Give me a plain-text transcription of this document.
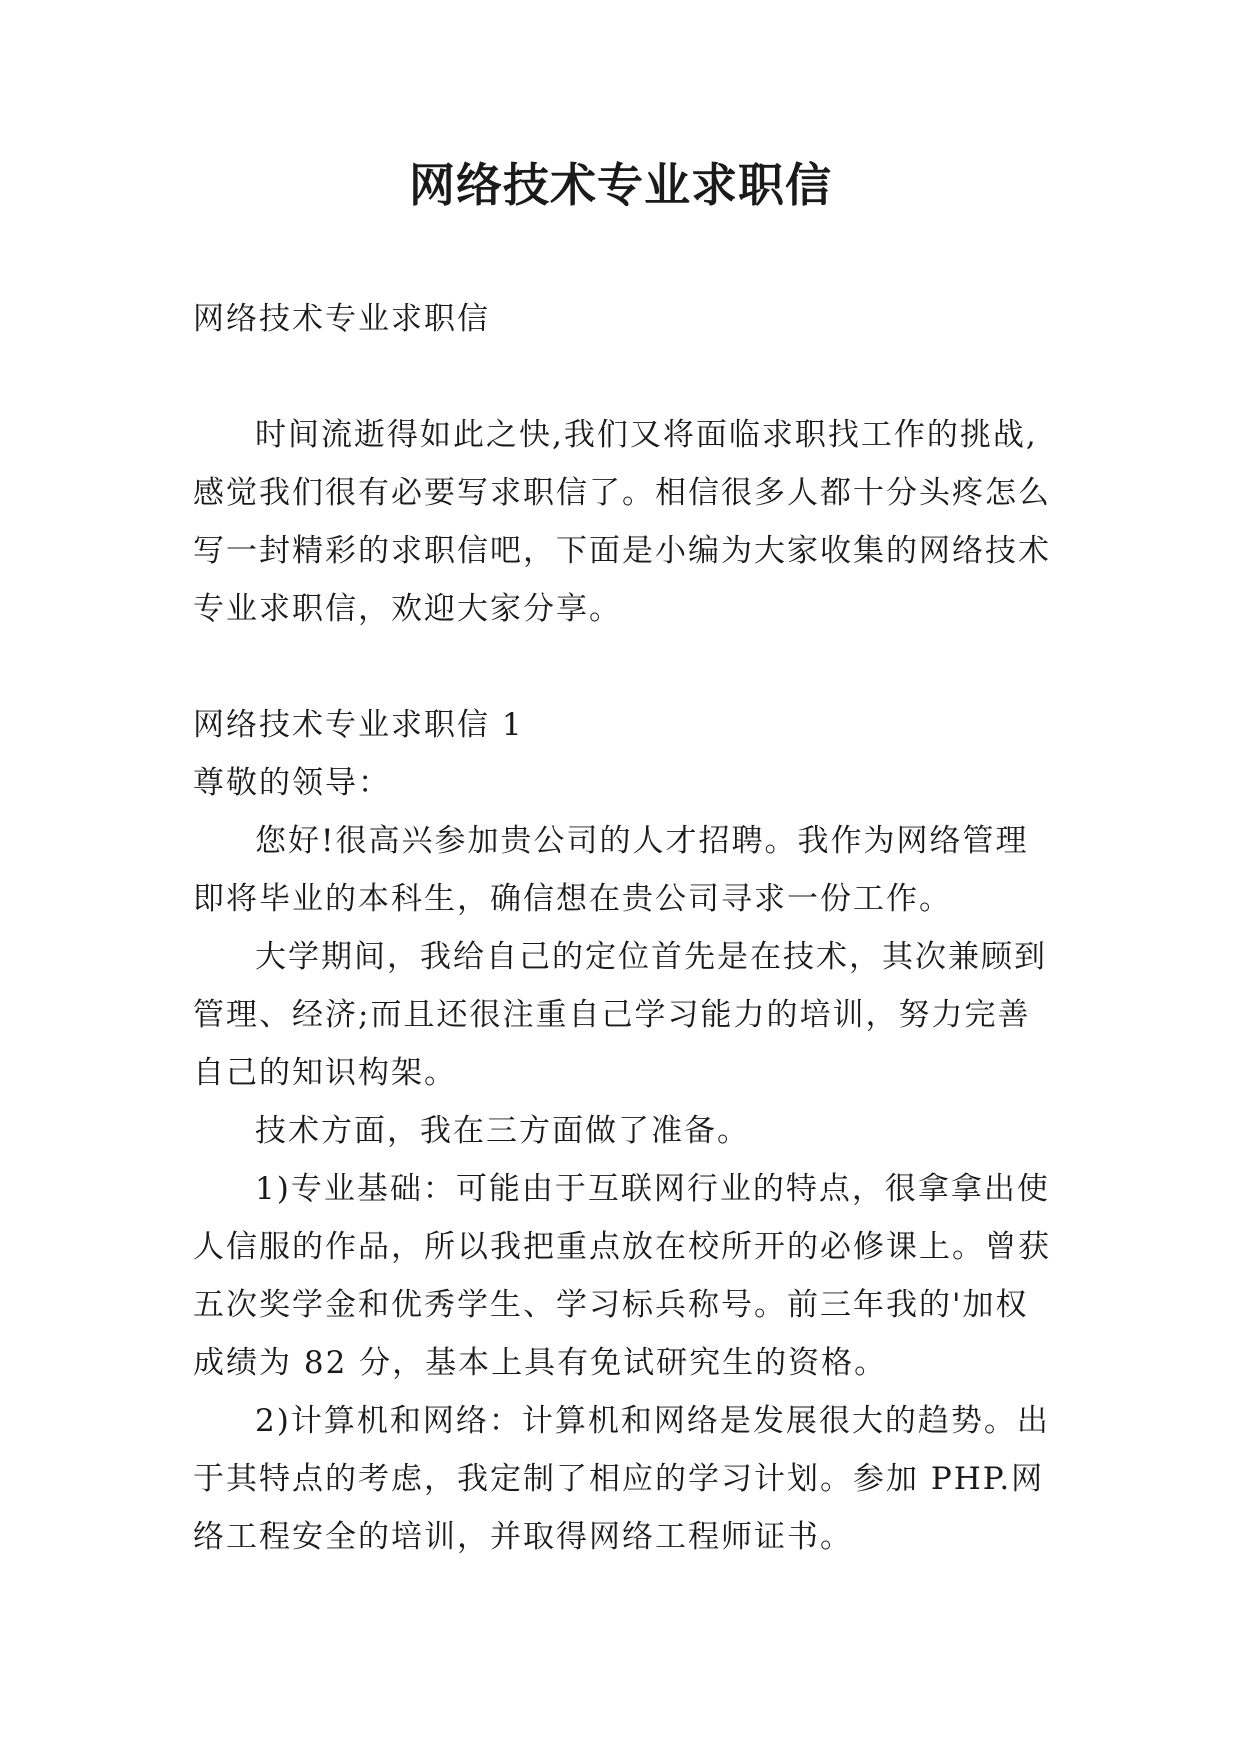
网络技术专业求职信

网络技术专业求职信

时间流逝得如此之快,我们又将面临求职找工作的挑战,感觉我们很有必要写求职信了。相信很多人都十分头疼怎么写一封精彩的求职信吧，下面是小编为大家收集的网络技术专业求职信，欢迎大家分享。

网络技术专业求职信 1

尊敬的领导：

您好!很高兴参加贵公司的人才招聘。我作为网络管理即将毕业的本科生，确信想在贵公司寻求一份工作。

大学期间，我给自己的定位首先是在技术，其次兼顾到管理、经济;而且还很注重自己学习能力的培训，努力完善自己的知识构架。

技术方面，我在三方面做了准备。

1)专业基础：可能由于互联网行业的特点，很拿拿出使人信服的作品，所以我把重点放在校所开的必修课上。曾获五次奖学金和优秀学生、学习标兵称号。前三年我的'加权成绩为 82 分，基本上具有免试研究生的资格。

2)计算机和网络：计算机和网络是发展很大的趋势。出于其特点的考虑，我定制了相应的学习计划。参加 PHP.网络工程安全的培训，并取得网络工程师证书。
